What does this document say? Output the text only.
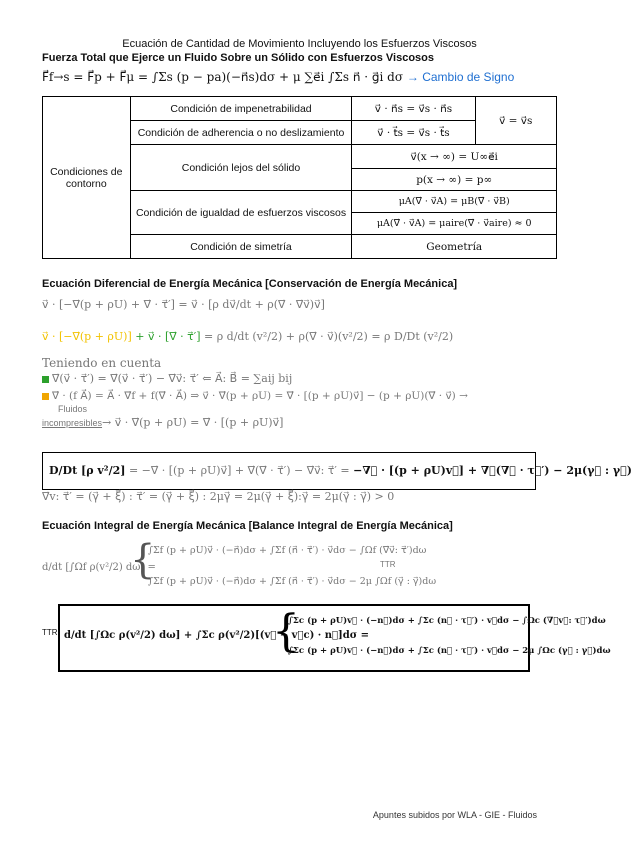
Ecuación de Cantidad de Movimiento Incluyendo los Esfuerzos Viscosos
Fuerza Total que Ejerce un Fluido Sobre un Sólido con Esfuerzos Viscosos
F⃗f→s = F⃗p + F⃗μ = ∫Σs (p − pa)(−n⃗s)dσ + μ ∑e⃗i ∫Σs n⃗ · g⃗i dσ → Cambio de Signo
Condiciones de contorno	Condición de impenetrabilidad	v⃗ · n⃗s = v⃗s · n⃗s	v⃗ = v⃗s
	Condición de adherencia o no deslizamiento	v⃗ · t⃗s = v⃗s · t⃗s	
	Condición lejos del sólido	v⃗(x → ∞) = U∞e⃗i	
		p(x → ∞) = p∞	
	Condición de igualdad de esfuerzos viscosos	μA(∇⃗ · v⃗A) = μB(∇⃗ · v⃗B)	
		μA(∇⃗ · v⃗A) = μaire(∇⃗ · v⃗aire) ≈ 0	
	Condición de simetría	Geometría	
Ecuación Diferencial de Energía Mecánica [Conservación de Energía Mecánica]
v⃗ · [−∇⃗(p + ρU) + ∇⃗ · τ⃗′] = v⃗ · [ρ dv⃗/dt + ρ(∇⃗ · ∇⃗v⃗)v⃗]
v⃗ · [−∇⃗(p + ρU)] + v⃗ · [∇⃗ · τ⃗′] = ρ d/dt (v²/2) + ρ(∇⃗ · v⃗)(v²/2) = ρ D/Dt (v²/2)
Teniendo en cuenta
∇⃗(v⃗ · τ⃗′) = ∇⃗(v⃗ · τ⃗′) − ∇⃗v⃗: τ⃗′ ⇐ A⃗: B⃗ = ∑aij bij
∇⃗ · (f A⃗) = A⃗ · ∇⃗f + f(∇⃗ · A⃗) ⇒ v⃗ · ∇⃗(p + ρU) = ∇⃗ · [(p + ρU)v⃗] − (p + ρU)(∇⃗ · v⃗) →
Fluidos
incompresibles→ v⃗ · ∇⃗(p + ρU) = ∇⃗ · [(p + ρU)v⃗]
D/Dt [ρ v²/2] = −∇⃗ · [(p + ρU)v⃗] + ∇⃗(∇⃗ · τ⃗′) − ∇⃗v⃗: τ⃗′ = −∇⃗ · [(p + ρU)v⃗] + ∇⃗(∇⃗ · τ⃗′) − 2μ(γ⃗ : γ⃗)
∇⃗v: τ⃗′ = (γ⃗ + ξ⃗) : τ⃗′ = (γ⃗ + ξ⃗) : 2μγ⃗ = 2μ(γ⃗ + ξ⃗):γ⃗ = 2μ(γ⃗ : γ⃗) > 0
Ecuación Integral de Energía Mecánica [Balance Integral de Energía Mecánica]
d/dt [∫Ωf ρ(v²/2) dω] =
{
∫Σf (p + ρU)v⃗ · (−n⃗)dσ + ∫Σf (n⃗ · τ⃗′) · v⃗dσ − ∫Ωf (∇⃗v⃗: τ⃗′)dω
∫Σf (p + ρU)v⃗ · (−n⃗)dσ + ∫Σf (n⃗ · τ⃗′) · v⃗dσ − 2μ ∫Ωf (γ⃗ : γ⃗)dω
TTR
TTR d/dt [∫Ωc ρ(v²/2) dω] + ∫Σc ρ(v²/2)[(v⃗ − v⃗c) · n⃗]dσ =
{
∫Σc (p + ρU)v⃗ · (−n⃗)dσ + ∫Σc (n⃗ · τ⃗′) · v⃗dσ − ∫Ωc (∇⃗v⃗: τ⃗′)dω
∫Σc (p + ρU)v⃗ · (−n⃗)dσ + ∫Σc (n⃗ · τ⃗′) · v⃗dσ − 2μ ∫Ωc (γ⃗ : γ⃗)dω
Apuntes subidos por WLA - GIE - Fluidos
